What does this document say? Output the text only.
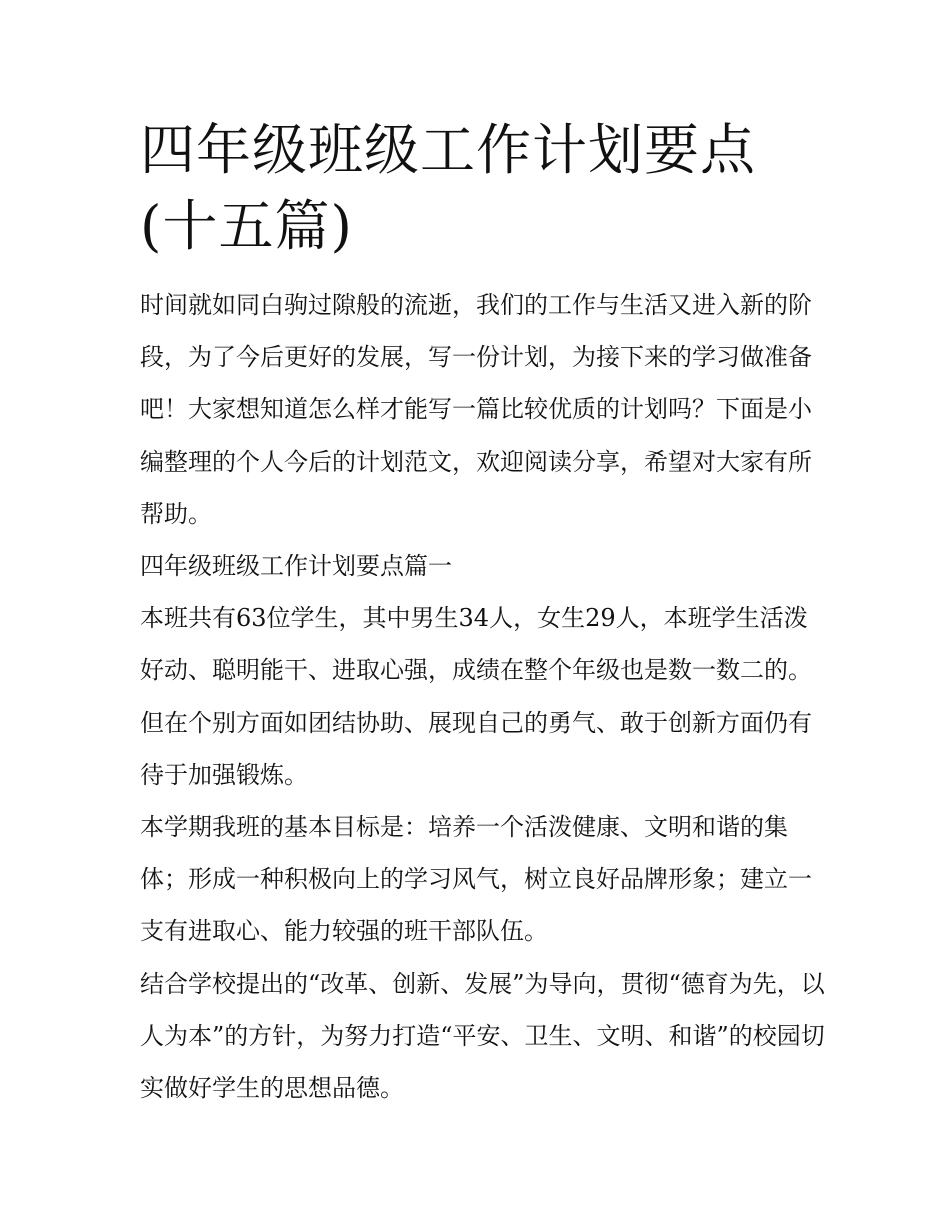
四年级班级工作计划要点(十五篇)

时间就如同白驹过隙般的流逝，我们的工作与生活又进入新的阶段，为了今后更好的发展，写一份计划，为接下来的学习做准备吧！大家想知道怎么样才能写一篇比较优质的计划吗？下面是小编整理的个人今后的计划范文，欢迎阅读分享，希望对大家有所帮助。

四年级班级工作计划要点篇一

本班共有63位学生，其中男生34人，女生29人，本班学生活泼好动、聪明能干、进取心强，成绩在整个年级也是数一数二的。但在个别方面如团结协助、展现自己的勇气、敢于创新方面仍有待于加强锻炼。

本学期我班的基本目标是：培养一个活泼健康、文明和谐的集体；形成一种积极向上的学习风气，树立良好品牌形象；建立一支有进取心、能力较强的班干部队伍。

结合学校提出的“改革、创新、发展”为导向，贯彻“德育为先，以人为本”的方针，为努力打造“平安、卫生、文明、和谐”的校园切实做好学生的思想品德。
